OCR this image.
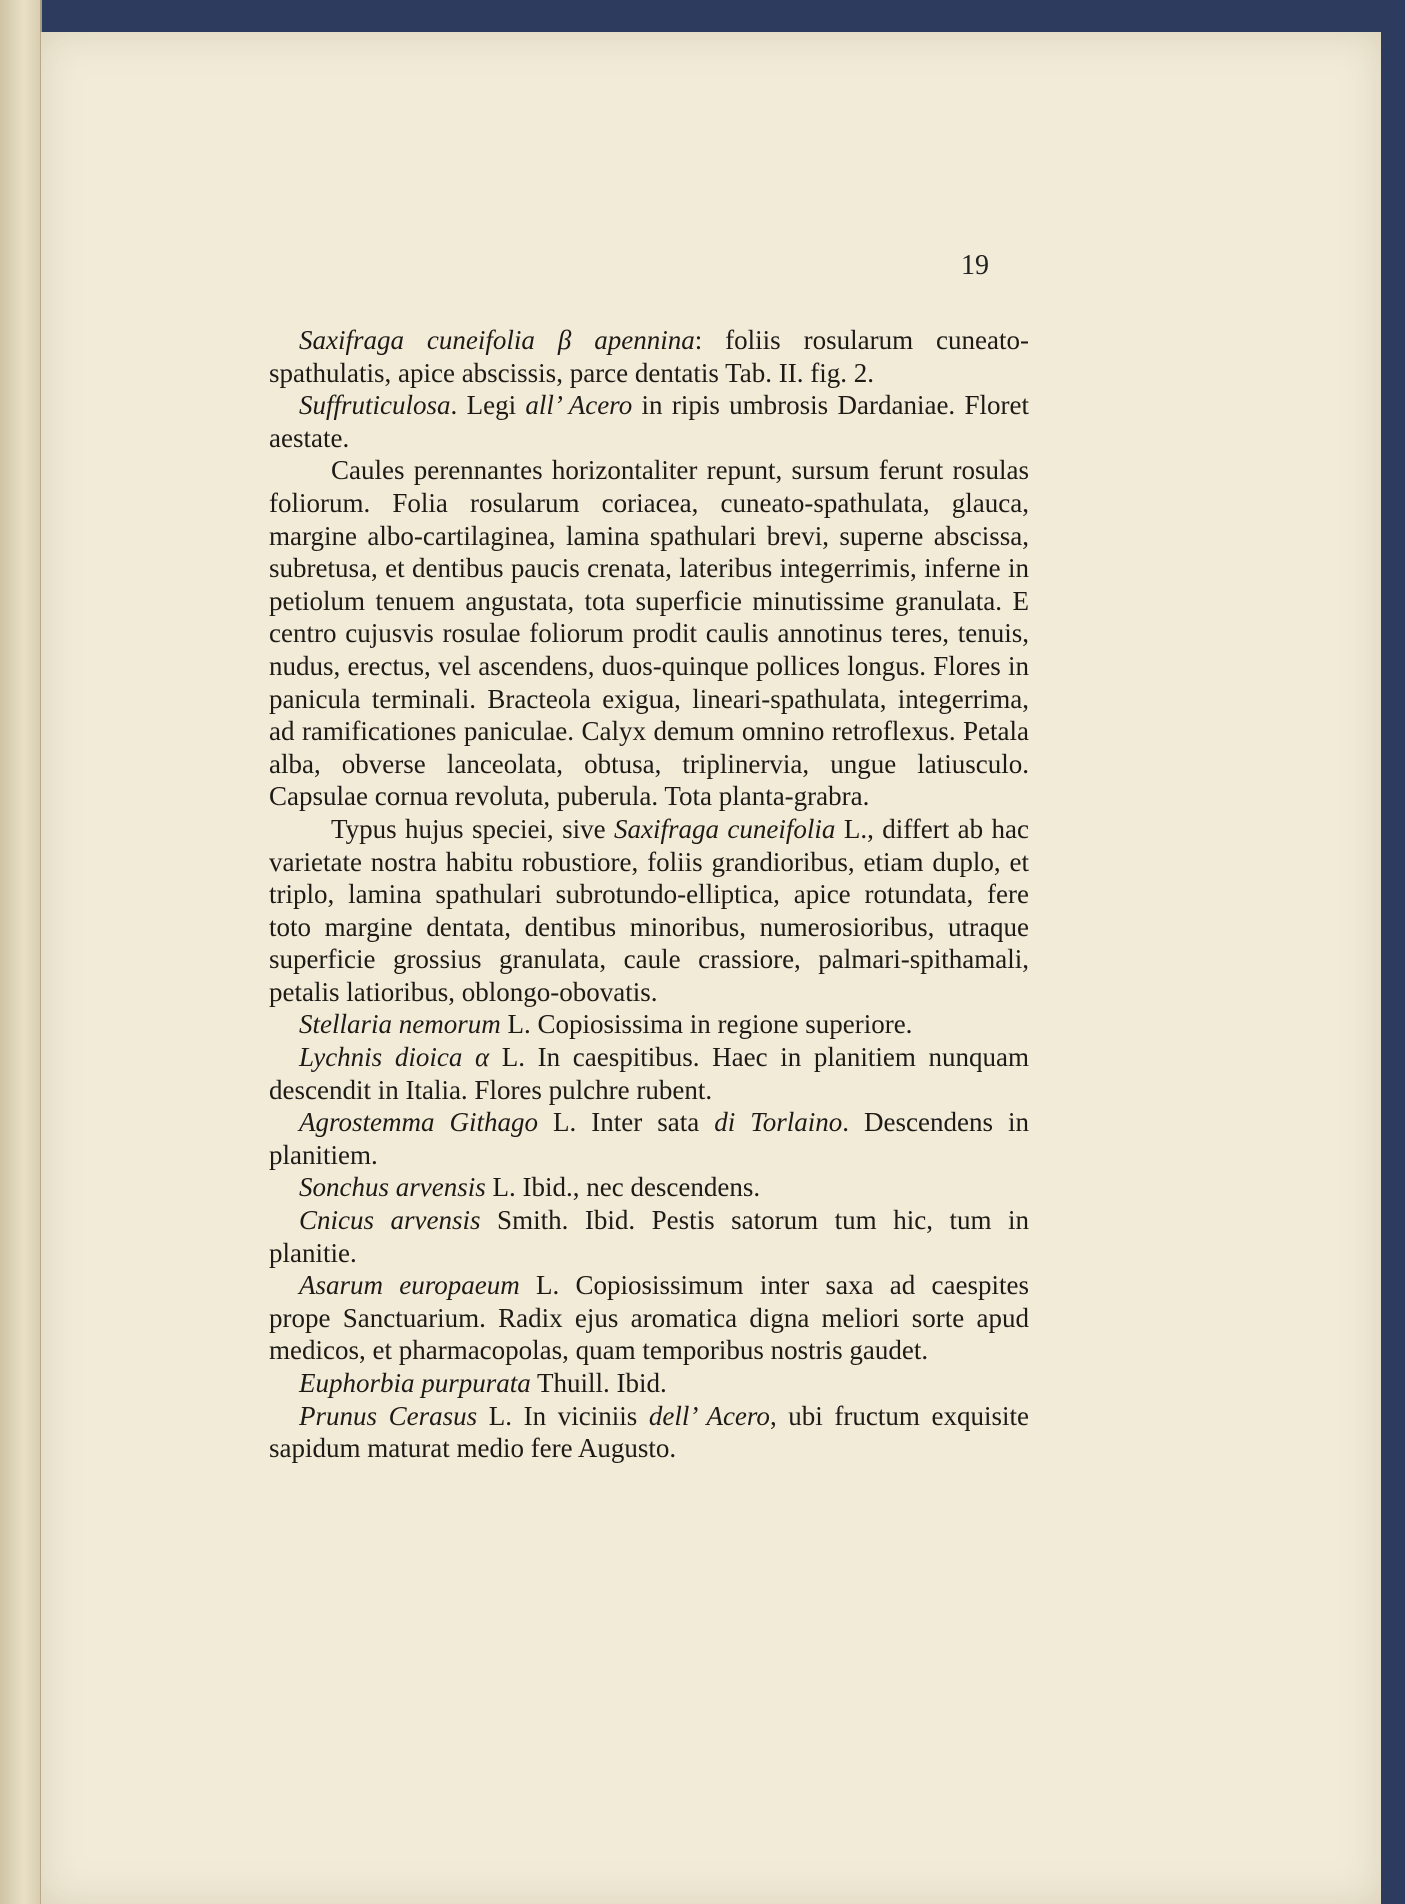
19

Saxifraga cuneifolia β apennina: foliis rosularum cuneato-spathulatis, apice abscissis, parce dentatis Tab. II. fig. 2.

Suffruticulosa. Legi all’ Acero in ripis umbrosis Dardaniae. Floret aestate.

Caules perennantes horizontaliter repunt, sursum ferunt rosulas foliorum. Folia rosularum coriacea, cuneato-spathulata, glauca, margine albo-cartilaginea, lamina spathulari brevi, superne abscissa, subretusa, et dentibus paucis crenata, lateribus integerrimis, inferne in petiolum tenuem angustata, tota superficie minutissime granulata. E centro cujusvis rosulae foliorum prodit caulis annotinus teres, tenuis, nudus, erectus, vel ascendens, duos-quinque pollices longus. Flores in panicula terminali. Bracteola exigua, lineari-spathulata, integerrima, ad ramificationes paniculae. Calyx demum omnino retroflexus. Petala alba, obverse lanceolata, obtusa, triplinervia, ungue latiusculo. Capsulae cornua revoluta, puberula. Tota planta-grabra.

Typus hujus speciei, sive Saxifraga cuneifolia L., differt ab hac varietate nostra habitu robustiore, foliis grandioribus, etiam duplo, et triplo, lamina spathulari subrotundo-elliptica, apice rotundata, fere toto margine dentata, dentibus minoribus, numerosioribus, utraque superficie grossius granulata, caule crassiore, palmari-spithamali, petalis latioribus, oblongo-obovatis.

Stellaria nemorum L. Copiosissima in regione superiore.

Lychnis dioica α L. In caespitibus. Haec in planitiem nunquam descendit in Italia. Flores pulchre rubent.

Agrostemma Githago L. Inter sata di Torlaino. Descendens in planitiem.

Sonchus arvensis L. Ibid., nec descendens.

Cnicus arvensis Smith. Ibid. Pestis satorum tum hic, tum in planitie.

Asarum europaeum L. Copiosissimum inter saxa ad caespites prope Sanctuarium. Radix ejus aromatica digna meliori sorte apud medicos, et pharmacopolas, quam temporibus nostris gaudet.

Euphorbia purpurata Thuill. Ibid.

Prunus Cerasus L. In viciniis dell’ Acero, ubi fructum exquisite sapidum maturat medio fere Augusto.
